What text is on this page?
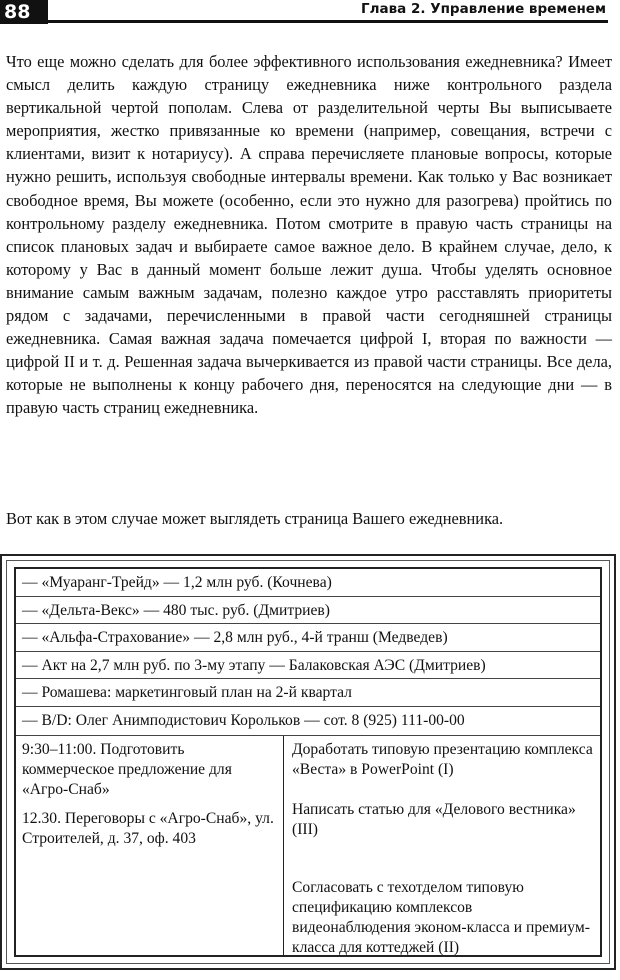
88	Глава 2. Управление временем

Что еще можно сделать для более эффективного использования ежедневника? Имеет смысл делить каждую страницу ежедневника ниже контрольного раздела вертикальной чертой пополам. Слева от разделительной черты Вы выписываете мероприятия, жестко привязанные ко времени (например, совещания, встречи с клиентами, визит к нотариусу). А справа перечисляете плановые вопросы, которые нужно решить, используя свободные интервалы времени. Как только у Вас возникает свободное время, Вы можете (особенно, если это нужно для разогрева) пройтись по контрольному разделу ежедневника. Потом смотрите в правую часть страницы на список плановых задач и выбираете самое важное дело. В крайнем случае, дело, к которому у Вас в данный момент больше лежит душа. Чтобы уделять основное внимание самым важным задачам, полезно каждое утро расставлять приоритеты рядом с задачами, перечисленными в правой части сегодняшней страницы ежедневника. Самая важная задача помечается цифрой I, вторая по важности — цифрой II и т. д. Решенная задача вычеркивается из правой части страницы. Все дела, которые не выполнены к концу рабочего дня, переносятся на следующие дни — в правую часть страниц ежедневника.

Вот как в этом случае может выглядеть страница Вашего ежедневника.

— «Муаранг-Трейд» — 1,2 млн руб. (Кочнева)
— «Дельта-Векс» — 480 тыс. руб. (Дмитриев)
— «Альфа-Страхование» — 2,8 млн руб., 4-й транш (Медведев)
— Акт на 2,7 млн руб. по 3-му этапу — Балаковская АЭС (Дмитриев)
— Ромашева: маркетинговый план на 2-й квартал
— B/D: Олег Анимподистович Корольков — сот. 8 (925) 111-00-00

9:30–11:00. Подготовить коммерческое предложение для «Агро-Снаб»

12.30. Переговоры с «Агро-Снаб», ул. Строителей, д. 37, оф. 403

Доработать типовую презентацию комплекса «Веста» в PowerPoint (I)

Написать статью для «Делового вестника» (III)

Согласовать с техотделом типовую спецификацию комплексов видеонаблюдения эконом-класса и премиум-класса для коттеджей (II)
